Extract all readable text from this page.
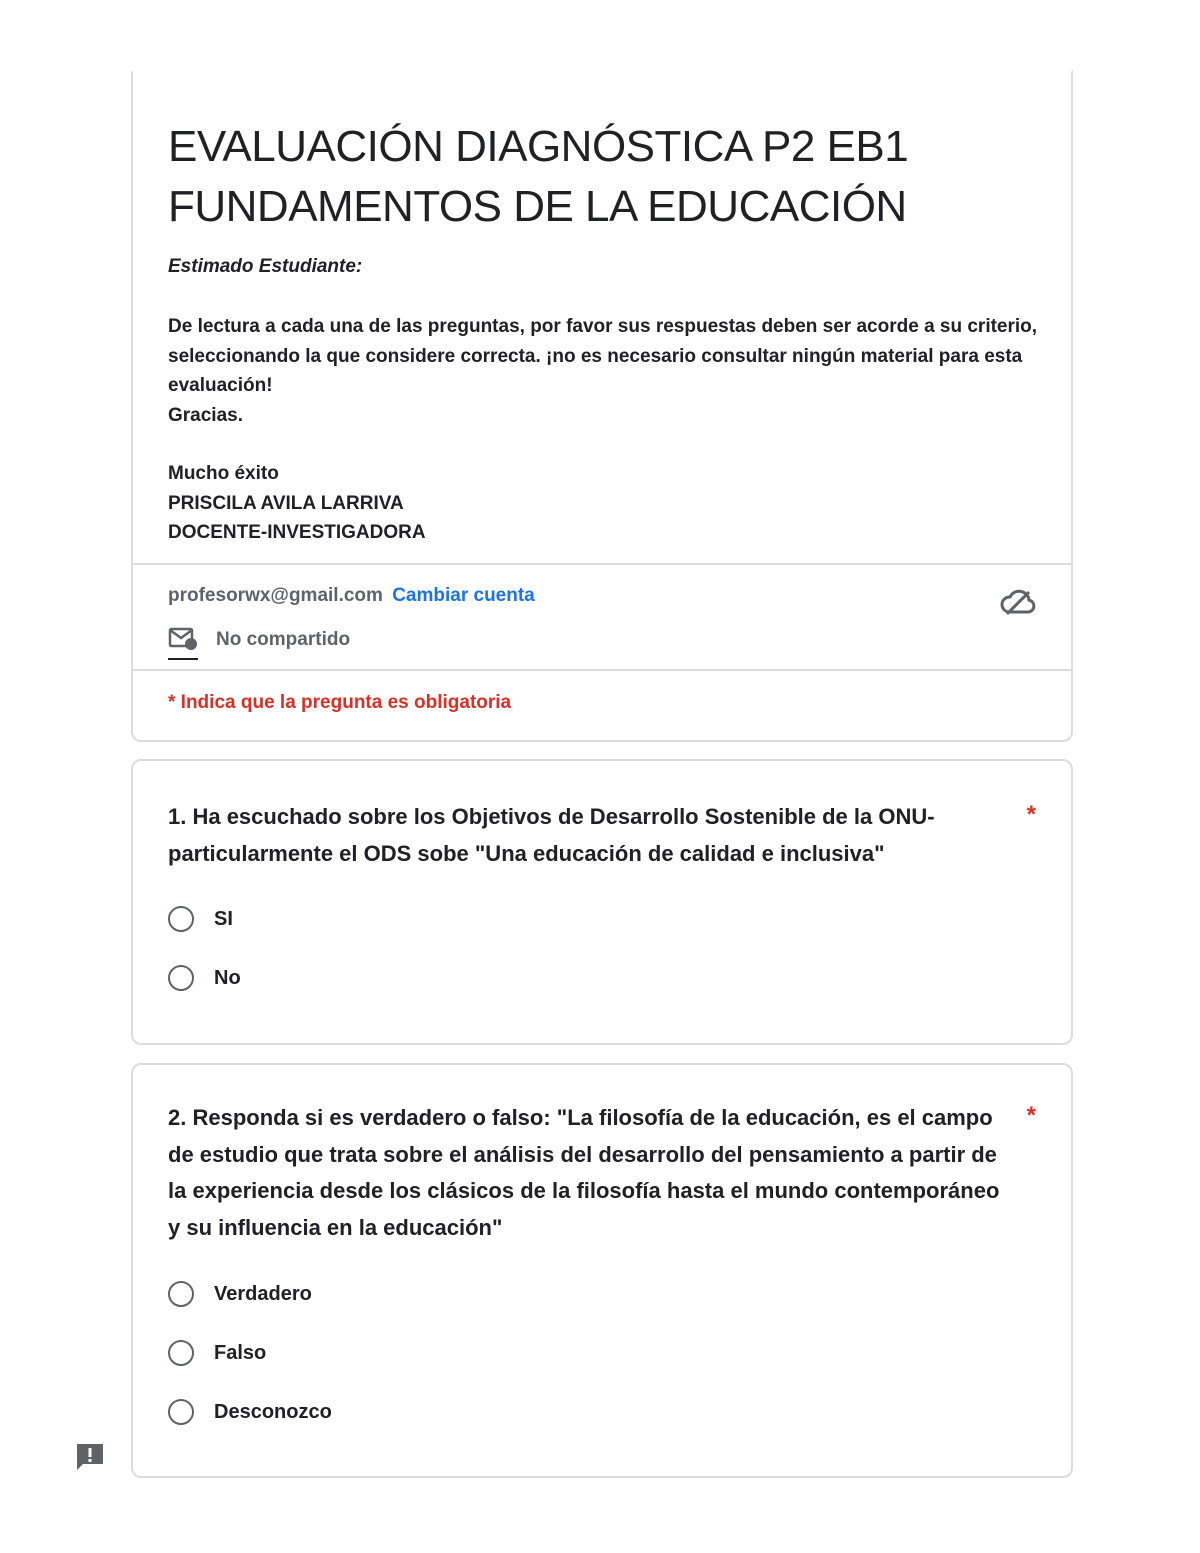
EVALUACIÓN DIAGNÓSTICA P2 EB1
FUNDAMENTOS DE LA EDUCACIÓN
Estimado Estudiante:
De lectura a cada una de las preguntas, por favor sus respuestas deben ser acorde a su criterio, seleccionando la que considere correcta. ¡no es necesario consultar ningún material para esta evaluación!
Gracias.
Mucho éxito
PRISCILA AVILA LARRIVA
DOCENTE-INVESTIGADORA
profesorwx@gmail.com Cambiar cuenta
No compartido
* Indica que la pregunta es obligatoria

1. Ha escuchado sobre los Objetivos de Desarrollo Sostenible de la ONU- particularmente el ODS sobe "Una educación de calidad e inclusiva"

*
SI
No

2. Responda si es verdadero o falso: "La filosofía de la educación, es el campo de estudio que trata sobre el análisis del desarrollo del pensamiento a partir de la experiencia desde los clásicos de la filosofía hasta el mundo contemporáneo y su influencia en la educación"

*
Verdadero
Falso
Desconozco
